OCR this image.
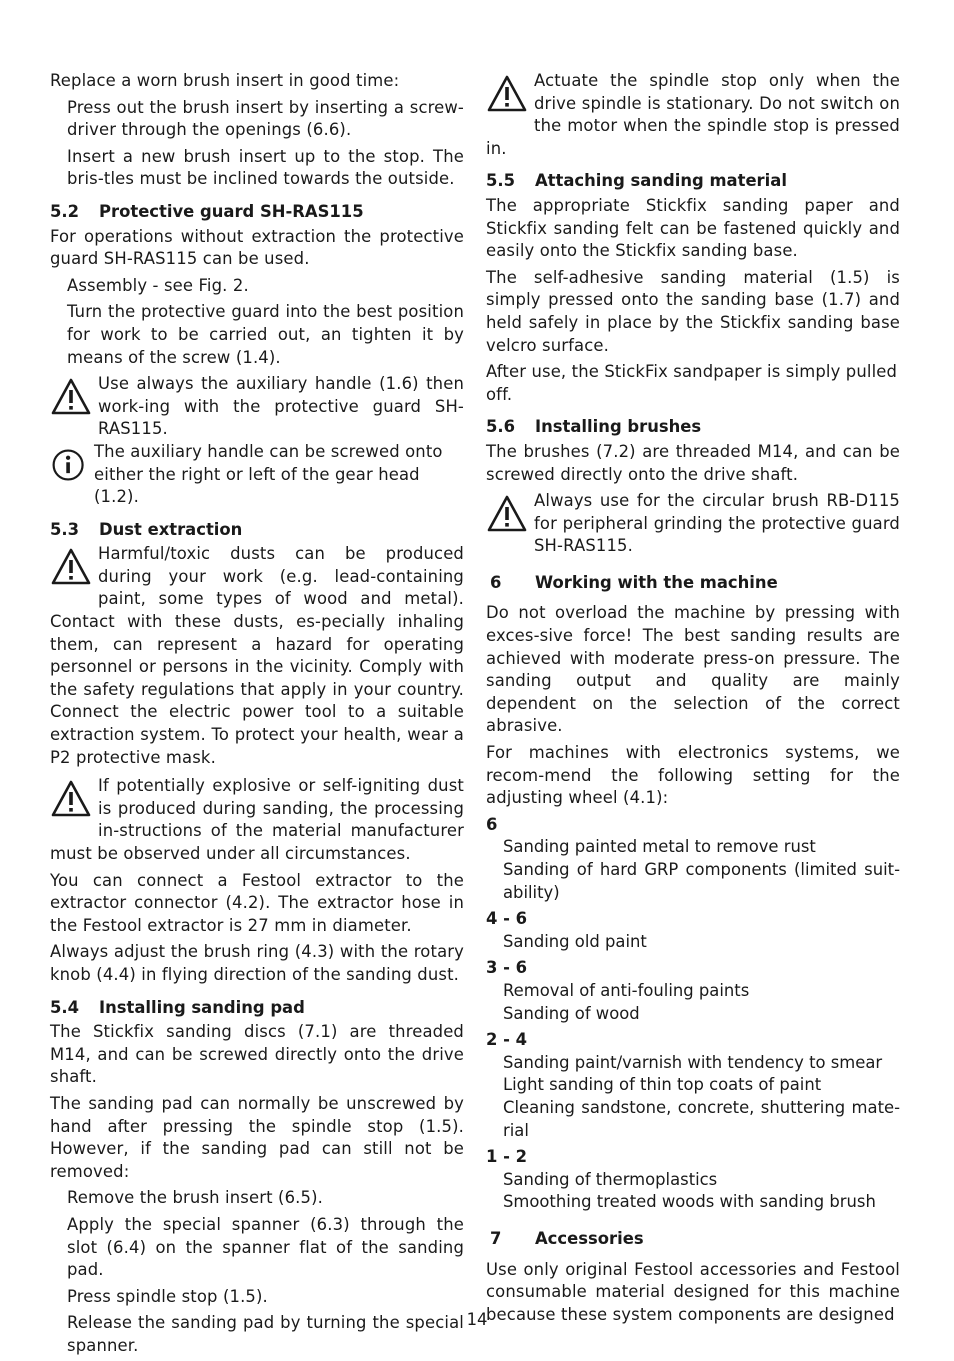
Replace a worn brush insert in good time:

Press out the brush insert by inserting a screw-driver through the openings (6.6).

Insert a new brush insert up to the stop. The bris-tles must be inclined towards the outside.

5.2	Protective guard SH-RAS115

For operations without extraction the protective guard SH-RAS115 can be used.

Assembly - see Fig. 2.

Turn the protective guard into the best position for work to be carried out, an tighten it by means of the screw (1.4).

Use always the auxiliary handle (1.6) then work-ing with the protective guard SH-RAS115.

The auxiliary handle can be screwed onto either the right or left of the gear head (1.2).

5.3	Dust extraction

Harmful/toxic dusts can be produced during your work (e.g. lead-containing paint, some types of wood and metal). Contact with these dusts, es-pecially inhaling them, can represent a hazard for operating personnel or persons in the vicinity. Comply with the safety regulations that apply in your country. Connect the electric power tool to a suitable extraction system. To protect your health, wear a P2 protective mask.

If potentially explosive or self-igniting dust is produced during sanding, the processing in-structions of the material manufacturer must be observed under all circumstances.

You can connect a Festool extractor to the extractor connector (4.2). The extractor hose in the Festool extractor is 27 mm in diameter.

Always adjust the brush ring (4.3) with the rotary knob (4.4) in flying direction of the sanding dust.

5.4	Installing sanding pad

The Stickfix sanding discs (7.1) are threaded M14, and can be screwed directly onto the drive shaft.

The sanding pad can normally be unscrewed by hand after pressing the spindle stop (1.5). However, if the sanding pad can still not be removed:

Remove the brush insert (6.5).

Apply the special spanner (6.3) through the slot (6.4) on the spanner flat of the sanding pad.

Press spindle stop (1.5).

Release the sanding pad by turning the special spanner.

Actuate the spindle stop only when the drive spindle is stationary. Do not switch on the motor when the spindle stop is pressed in.

5.5	Attaching sanding material

The appropriate Stickfix sanding paper and Stickfix sanding felt can be fastened quickly and easily onto the Stickfix sanding base.

The self-adhesive sanding material (1.5) is simply pressed onto the sanding base (1.7) and held safely in place by the Stickfix sanding base velcro surface.

After use, the StickFix sandpaper is simply pulled off.

5.6	Installing brushes

The brushes (7.2) are threaded M14, and can be screwed directly onto the drive shaft.

Always use for the circular brush RB-D115 for peripheral grinding the protective guard SH-RAS115.

6	Working with the machine

Do not overload the machine by pressing with exces-sive force! The best sanding results are achieved with moderate press-on pressure. The sanding output and quality are mainly dependent on the selection of the correct abrasive.

For machines with electronics systems, we recom-mend the following setting for the adjusting wheel (4.1):

6
Sanding painted metal to remove rust
Sanding of hard GRP components (limited suit-ability)
4 - 6
Sanding old paint
3 - 6
Removal of anti-fouling paints
Sanding of wood
2 - 4
Sanding paint/varnish with tendency to smear
Light sanding of thin top coats of paint
Cleaning sandstone, concrete, shuttering mate-rial
1 - 2
Sanding of thermoplastics
Smoothing treated woods with sanding brush
7	Accessories

Use only original Festool accessories and Festool consumable material designed for this machine because these system components are designed

14
